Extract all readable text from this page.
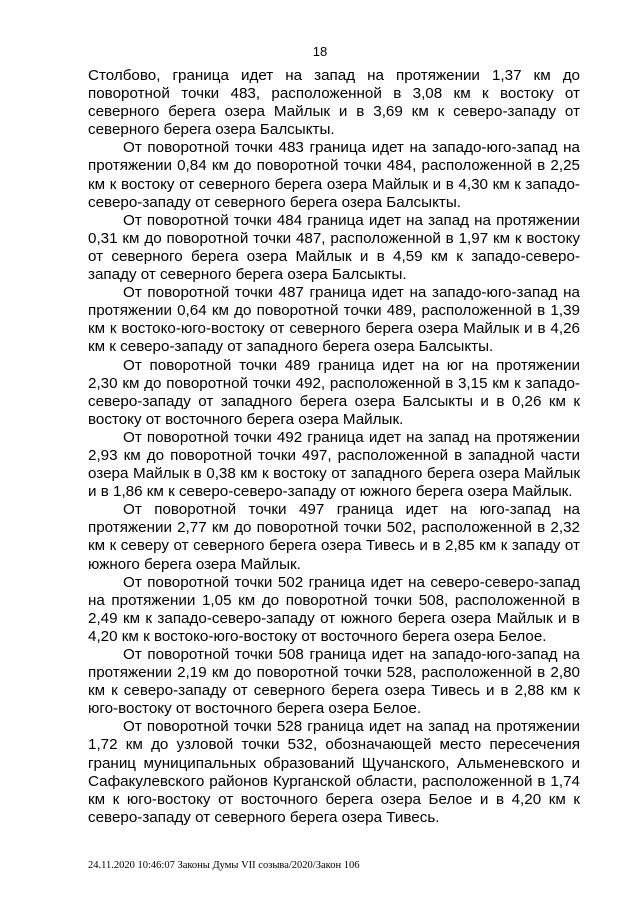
18

Столбово, граница идет на запад на протяжении 1,37 км до поворотной точки 483, расположенной в 3,08 км к востоку от северного берега озера Майлык и в 3,69 км к северо-западу от северного берега озера Балсыкты.

От поворотной точки 483 граница идет на западо-юго-запад на протяжении 0,84 км до поворотной точки 484, расположенной в 2,25 км к востоку от северного берега озера Майлык и в 4,30 км к западо-северо-западу от северного берега озера Балсыкты.

От поворотной точки 484 граница идет на запад на протяжении 0,31 км до поворотной точки 487, расположенной в 1,97 км к востоку от северного берега озера Майлык и в 4,59 км к западо-северо-западу от северного берега озера Балсыкты.

От поворотной точки 487 граница идет на западо-юго-запад на протяжении 0,64 км до поворотной точки 489, расположенной в 1,39 км к востоко-юго-востоку от северного берега озера Майлык и в 4,26 км к северо-западу от западного берега озера Балсыкты.

От поворотной точки 489 граница идет на юг на протяжении 2,30 км до поворотной точки 492, расположенной в 3,15 км к западо-северо-западу от западного берега озера Балсыкты и в 0,26 км к востоку от восточного берега озера Майлык.

От поворотной точки 492 граница идет на запад на протяжении 2,93 км до поворотной точки 497, расположенной в западной части озера Майлык в 0,38 км к востоку от западного берега озера Майлык и в 1,86 км к северо-северо-западу от южного берега озера Майлык.

От поворотной точки 497 граница идет на юго-запад на протяжении 2,77 км до поворотной точки 502, расположенной в 2,32 км к северу от северного берега озера Тивесь и в 2,85 км к западу от южного берега озера Майлык.

От поворотной точки 502 граница идет на северо-северо-запад на протяжении 1,05 км до поворотной точки 508, расположенной в 2,49 км к западо-северо-западу от южного берега озера Майлык и в 4,20 км к востоко-юго-востоку от восточного берега озера Белое.

От поворотной точки 508 граница идет на западо-юго-запад на протяжении 2,19 км до поворотной точки 528, расположенной в 2,80 км к северо-западу от северного берега озера Тивесь и в 2,88 км к юго-востоку от восточного берега озера Белое.

От поворотной точки 528 граница идет на запад на протяжении 1,72 км до узловой точки 532, обозначающей место пересечения границ муниципальных образований Щучанского, Альменевского и Сафакулевского районов Курганской области, расположенной в 1,74 км к юго-востоку от восточного берега озера Белое и в 4,20 км к северо-западу от северного берега озера Тивесь.

24.11.2020 10:46:07 Законы Думы VII созыва/2020/Закон 106
